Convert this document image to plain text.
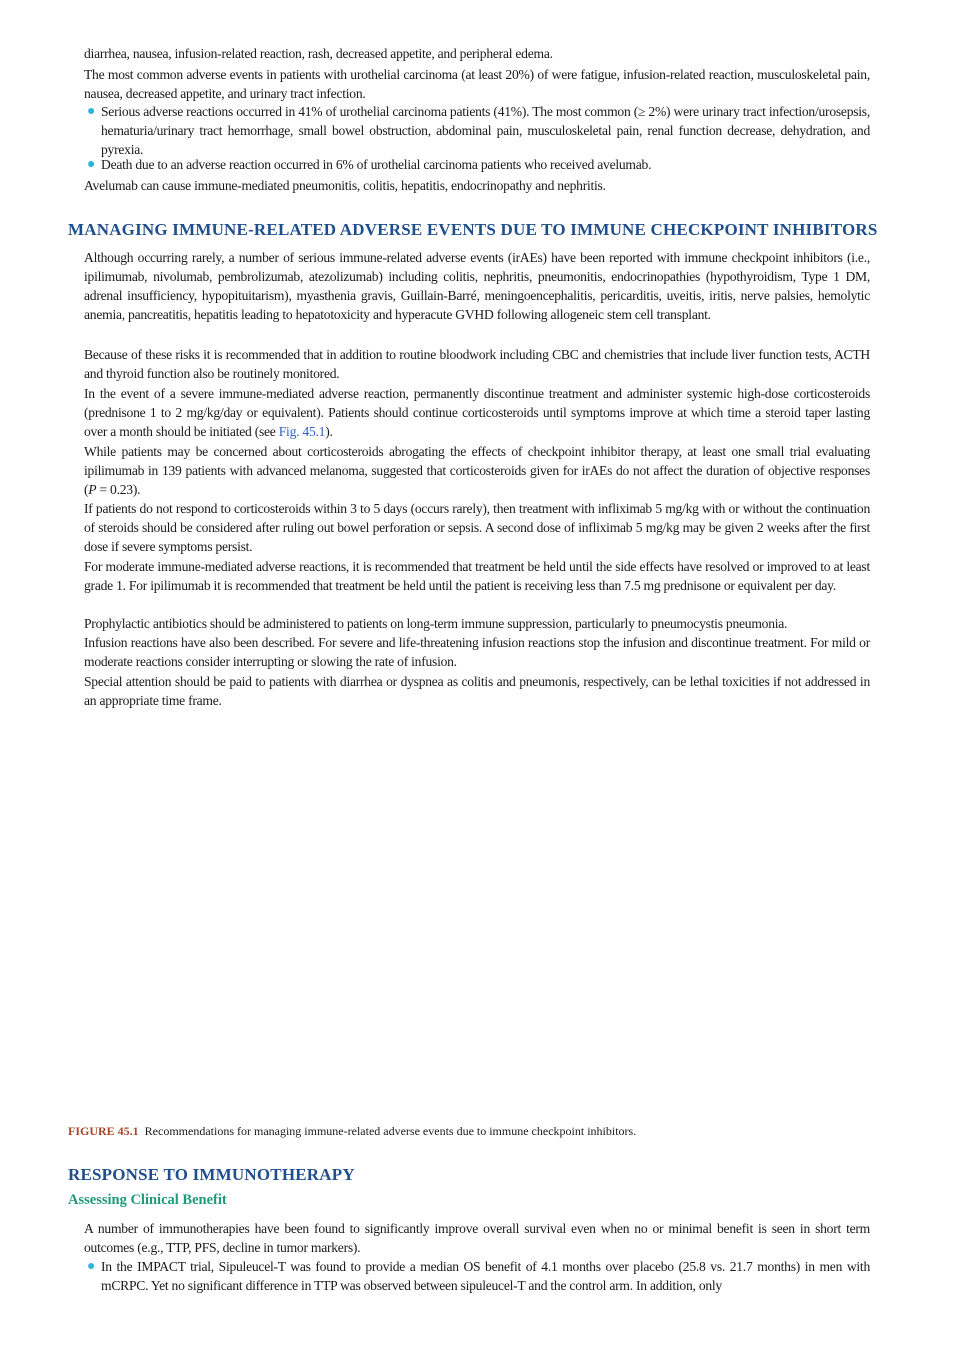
diarrhea, nausea, infusion-related reaction, rash, decreased appetite, and peripheral edema.

The most common adverse events in patients with urothelial carcinoma (at least 20%) of were fatigue, infusion-related reaction, musculoskeletal pain, nausea, decreased appetite, and urinary tract infection.

● Serious adverse reactions occurred in 41% of urothelial carcinoma patients (41%). The most common (≥ 2%) were urinary tract infection/urosepsis, hematuria/urinary tract hemorrhage, small bowel obstruction, abdominal pain, musculoskeletal pain, renal function decrease, dehydration, and pyrexia.
● Death due to an adverse reaction occurred in 6% of urothelial carcinoma patients who received avelumab.

Avelumab can cause immune-mediated pneumonitis, colitis, hepatitis, endocrinopathy and nephritis.

MANAGING IMMUNE-RELATED ADVERSE EVENTS DUE TO IMMUNE CHECKPOINT INHIBITORS

Although occurring rarely, a number of serious immune-related adverse events (irAEs) have been reported with immune checkpoint inhibitors (i.e., ipilimumab, nivolumab, pembrolizumab, atezolizumab) including colitis, nephritis, pneumonitis, endocrinopathies (hypothyroidism, Type 1 DM, adrenal insufficiency, hypopituitarism), myasthenia gravis, Guillain-Barré, meningoencephalitis, pericarditis, uveitis, iritis, nerve palsies, hemolytic anemia, pancreatitis, hepatitis leading to hepatotoxicity and hyperacute GVHD following allogeneic stem cell transplant.

Because of these risks it is recommended that in addition to routine bloodwork including CBC and chemistries that include liver function tests, ACTH and thyroid function also be routinely monitored.

In the event of a severe immune-mediated adverse reaction, permanently discontinue treatment and administer systemic high-dose corticosteroids (prednisone 1 to 2 mg/kg/day or equivalent). Patients should continue corticosteroids until symptoms improve at which time a steroid taper lasting over a month should be initiated (see Fig. 45.1).

While patients may be concerned about corticosteroids abrogating the effects of checkpoint inhibitor therapy, at least one small trial evaluating ipilimumab in 139 patients with advanced melanoma, suggested that corticosteroids given for irAEs do not affect the duration of objective responses (P = 0.23).

If patients do not respond to corticosteroids within 3 to 5 days (occurs rarely), then treatment with infliximab 5 mg/kg with or without the continuation of steroids should be considered after ruling out bowel perforation or sepsis. A second dose of infliximab 5 mg/kg may be given 2 weeks after the first dose if severe symptoms persist.

For moderate immune-mediated adverse reactions, it is recommended that treatment be held until the side effects have resolved or improved to at least grade 1. For ipilimumab it is recommended that treatment be held until the patient is receiving less than 7.5 mg prednisone or equivalent per day.

Prophylactic antibiotics should be administered to patients on long-term immune suppression, particularly to pneumocystis pneumonia.

Infusion reactions have also been described. For severe and life-threatening infusion reactions stop the infusion and discontinue treatment. For mild or moderate reactions consider interrupting or slowing the rate of infusion.

Special attention should be paid to patients with diarrhea or dyspnea as colitis and pneumonis, respectively, can be lethal toxicities if not addressed in an appropriate time frame.

FIGURE 45.1 Recommendations for managing immune-related adverse events due to immune checkpoint inhibitors.

RESPONSE TO IMMUNOTHERAPY
Assessing Clinical Benefit

A number of immunotherapies have been found to significantly improve overall survival even when no or minimal benefit is seen in short term outcomes (e.g., TTP, PFS, decline in tumor markers).

● In the IMPACT trial, Sipuleucel-T was found to provide a median OS benefit of 4.1 months over placebo (25.8 vs. 21.7 months) in men with mCRPC. Yet no significant difference in TTP was observed between sipuleucel-T and the control arm. In addition, only
